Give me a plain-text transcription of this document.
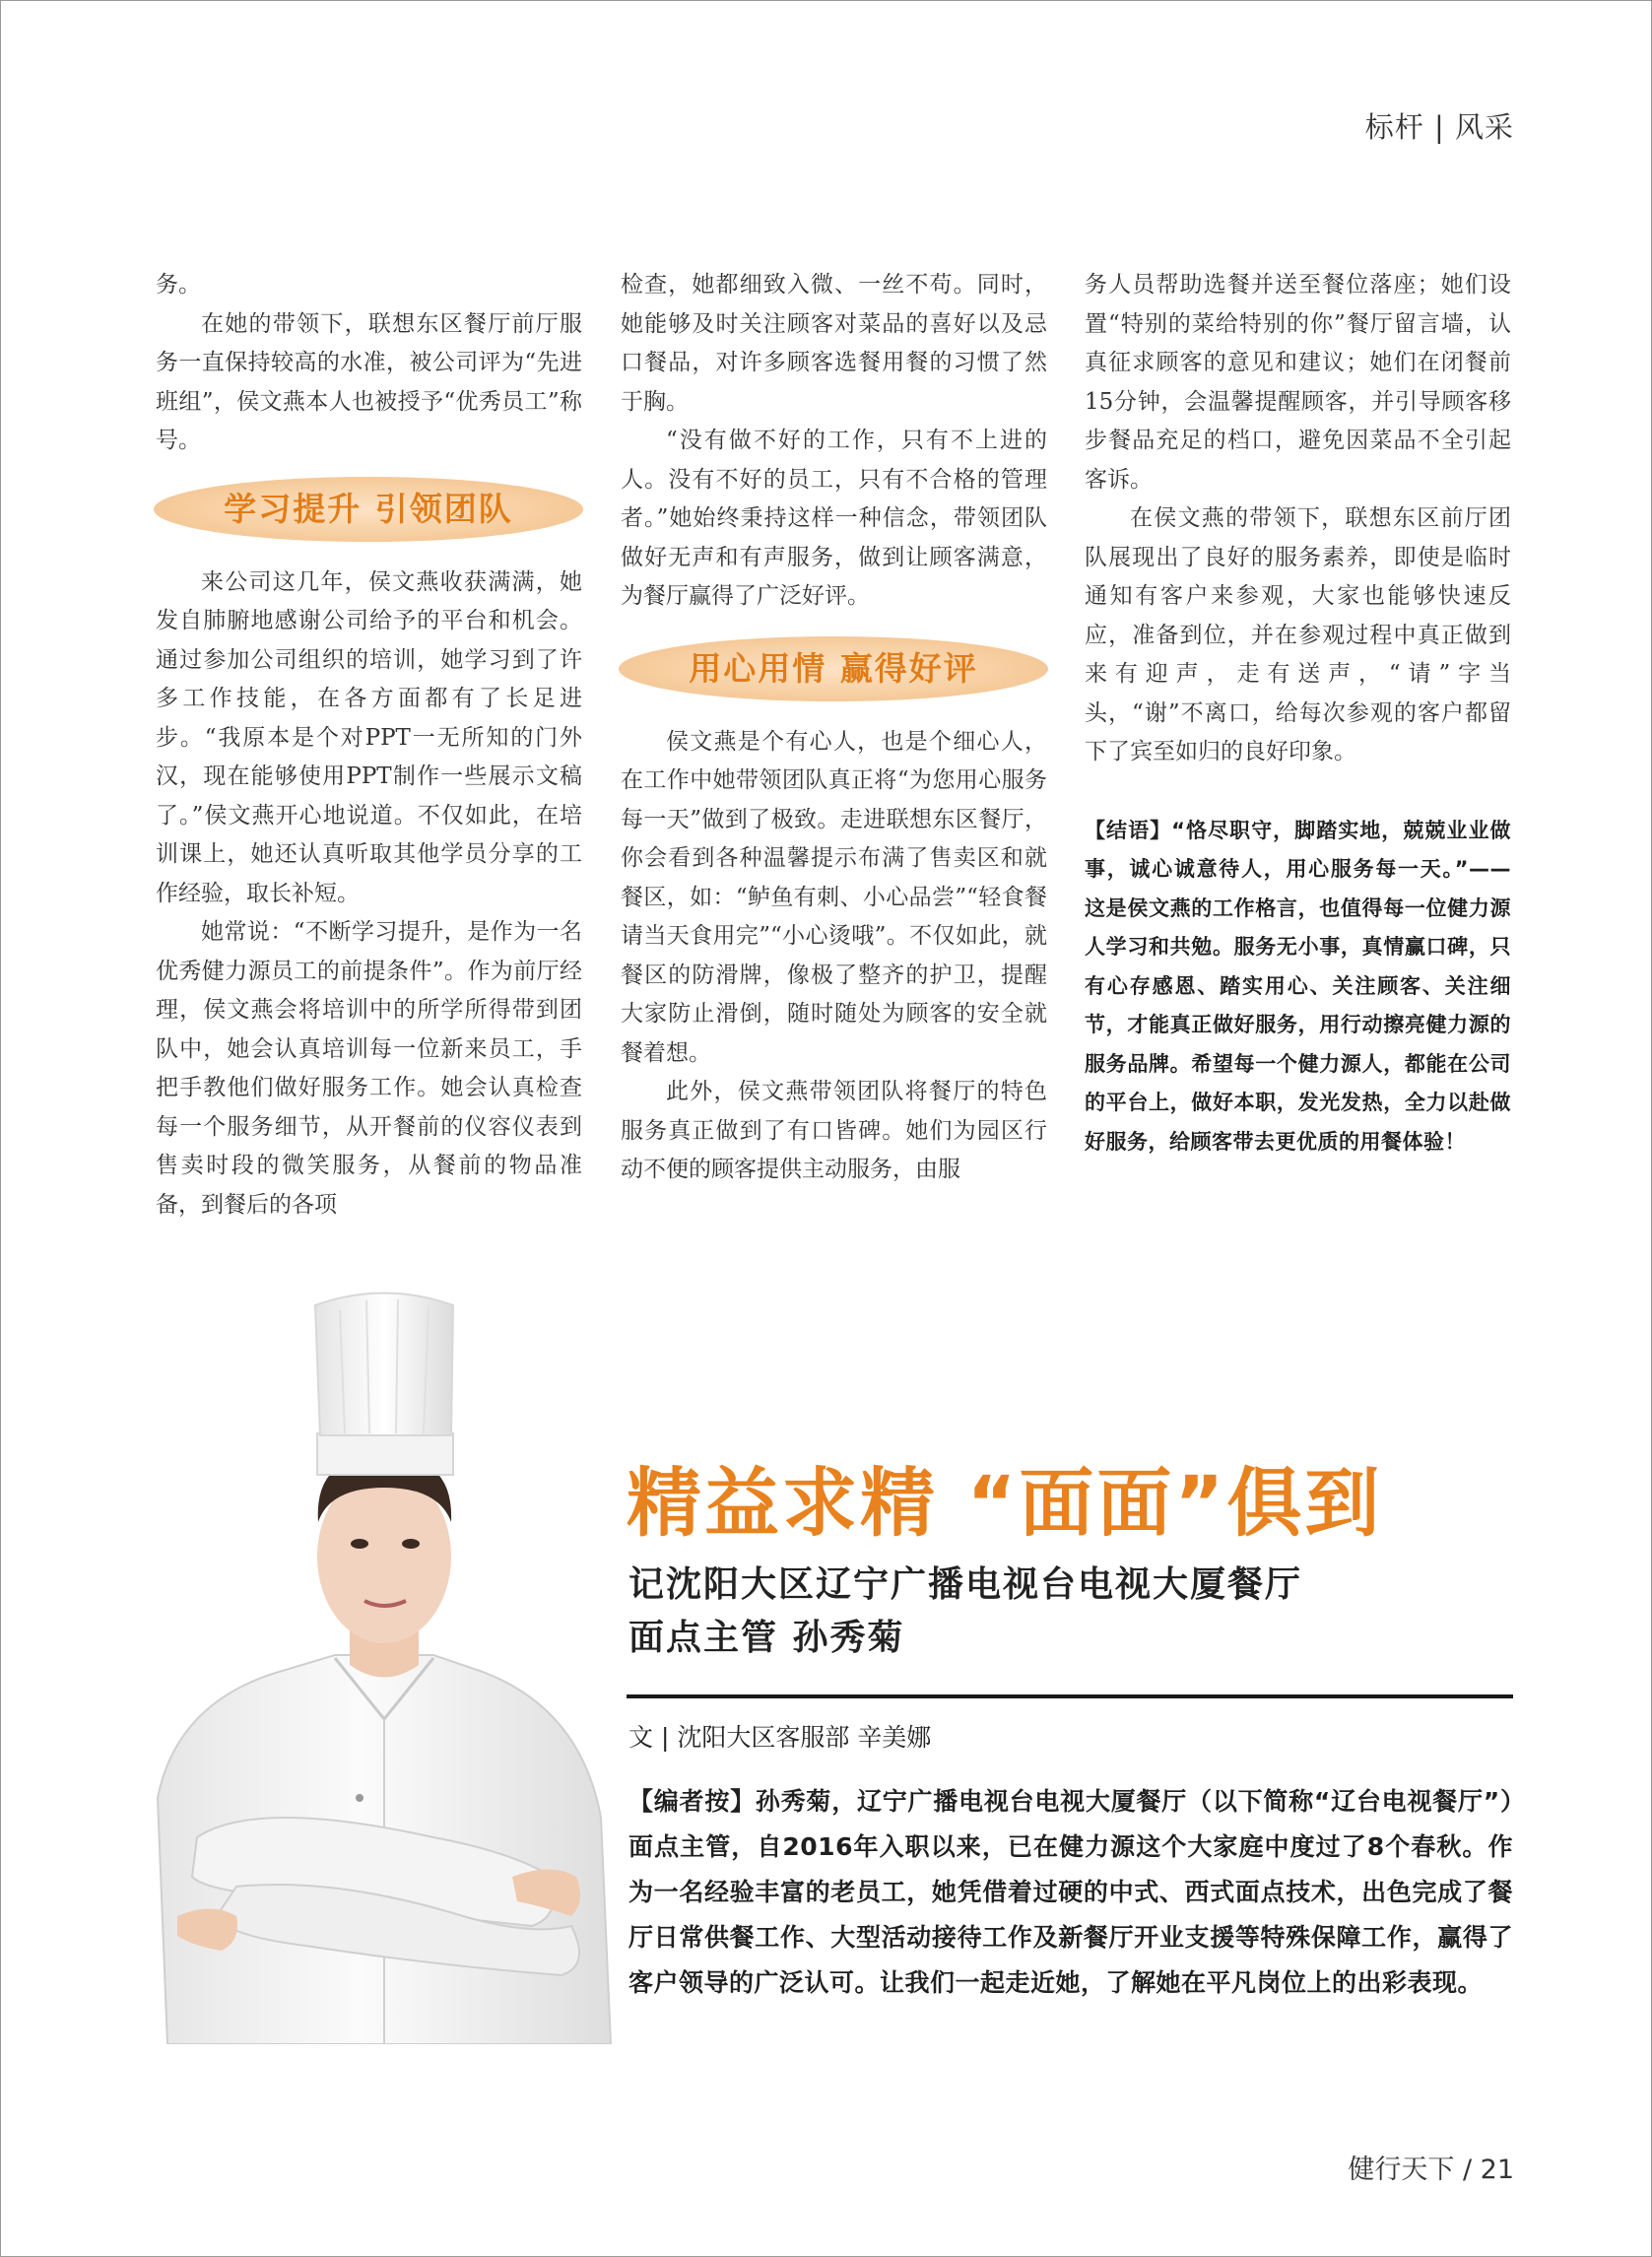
标杆 | 风采

务。

在她的带领下，联想东区餐厅前厅服务一直保持较高的水准，被公司评为“先进班组”，侯文燕本人也被授予“优秀员工”称号。

学习提升 引领团队

来公司这几年，侯文燕收获满满，她发自肺腑地感谢公司给予的平台和机会。通过参加公司组织的培训，她学习到了许多工作技能，在各方面都有了长足进步。“我原本是个对PPT一无所知的门外汉，现在能够使用PPT制作一些展示文稿了。”侯文燕开心地说道。不仅如此，在培训课上，她还认真听取其他学员分享的工作经验，取长补短。

她常说：“不断学习提升，是作为一名优秀健力源员工的前提条件”。作为前厅经理，侯文燕会将培训中的所学所得带到团队中，她会认真培训每一位新来员工，手把手教他们做好服务工作。她会认真检查每一个服务细节，从开餐前的仪容仪表到售卖时段的微笑服务，从餐前的物品准备，到餐后的各项

检查，她都细致入微、一丝不苟。同时，她能够及时关注顾客对菜品的喜好以及忌口餐品，对许多顾客选餐用餐的习惯了然于胸。

“没有做不好的工作，只有不上进的人。没有不好的员工，只有不合格的管理者。”她始终秉持这样一种信念，带领团队做好无声和有声服务，做到让顾客满意，为餐厅赢得了广泛好评。

用心用情 赢得好评

侯文燕是个有心人，也是个细心人，在工作中她带领团队真正将“为您用心服务每一天”做到了极致。走进联想东区餐厅，你会看到各种温馨提示布满了售卖区和就餐区，如：“鲈鱼有刺、小心品尝”“轻食餐请当天食用完”“小心烫哦”。不仅如此，就餐区的防滑牌，像极了整齐的护卫，提醒大家防止滑倒，随时随处为顾客的安全就餐着想。

此外，侯文燕带领团队将餐厅的特色服务真正做到了有口皆碑。她们为园区行动不便的顾客提供主动服务，由服

务人员帮助选餐并送至餐位落座；她们设置“特别的菜给特别的你”餐厅留言墙，认真征求顾客的意见和建议；她们在闭餐前15分钟，会温馨提醒顾客，并引导顾客移步餐品充足的档口，避免因菜品不全引起客诉。

在侯文燕的带领下，联想东区前厅团队展现出了良好的服务素养，即使是临时通知有客户来参观，大家也能够快速反应，准备到位，并在参观过程中真正做到来有迎声，走有送声，“请”字当头，“谢”不离口，给每次参观的客户都留下了宾至如归的良好印象。

【结语】“恪尽职守，脚踏实地，兢兢业业做事，诚心诚意待人，用心服务每一天。”——这是侯文燕的工作格言，也值得每一位健力源人学习和共勉。服务无小事，真情赢口碑，只有心存感恩、踏实用心、关注顾客、关注细节，才能真正做好服务，用行动擦亮健力源的服务品牌。希望每一个健力源人，都能在公司的平台上，做好本职，发光发热，全力以赴做好服务，给顾客带去更优质的用餐体验！
精益求精 “面面”俱到
记沈阳大区辽宁广播电视台电视大厦餐厅
面点主管 孙秀菊
文 | 沈阳大区客服部 辛美娜
【编者按】孙秀菊，辽宁广播电视台电视大厦餐厅（以下简称“辽台电视餐厅”）面点主管，自2016年入职以来，已在健力源这个大家庭中度过了8个春秋。作为一名经验丰富的老员工，她凭借着过硬的中式、西式面点技术，出色完成了餐厅日常供餐工作、大型活动接待工作及新餐厅开业支援等特殊保障工作，赢得了客户领导的广泛认可。让我们一起走近她，了解她在平凡岗位上的出彩表现。
健行天下 / 21
